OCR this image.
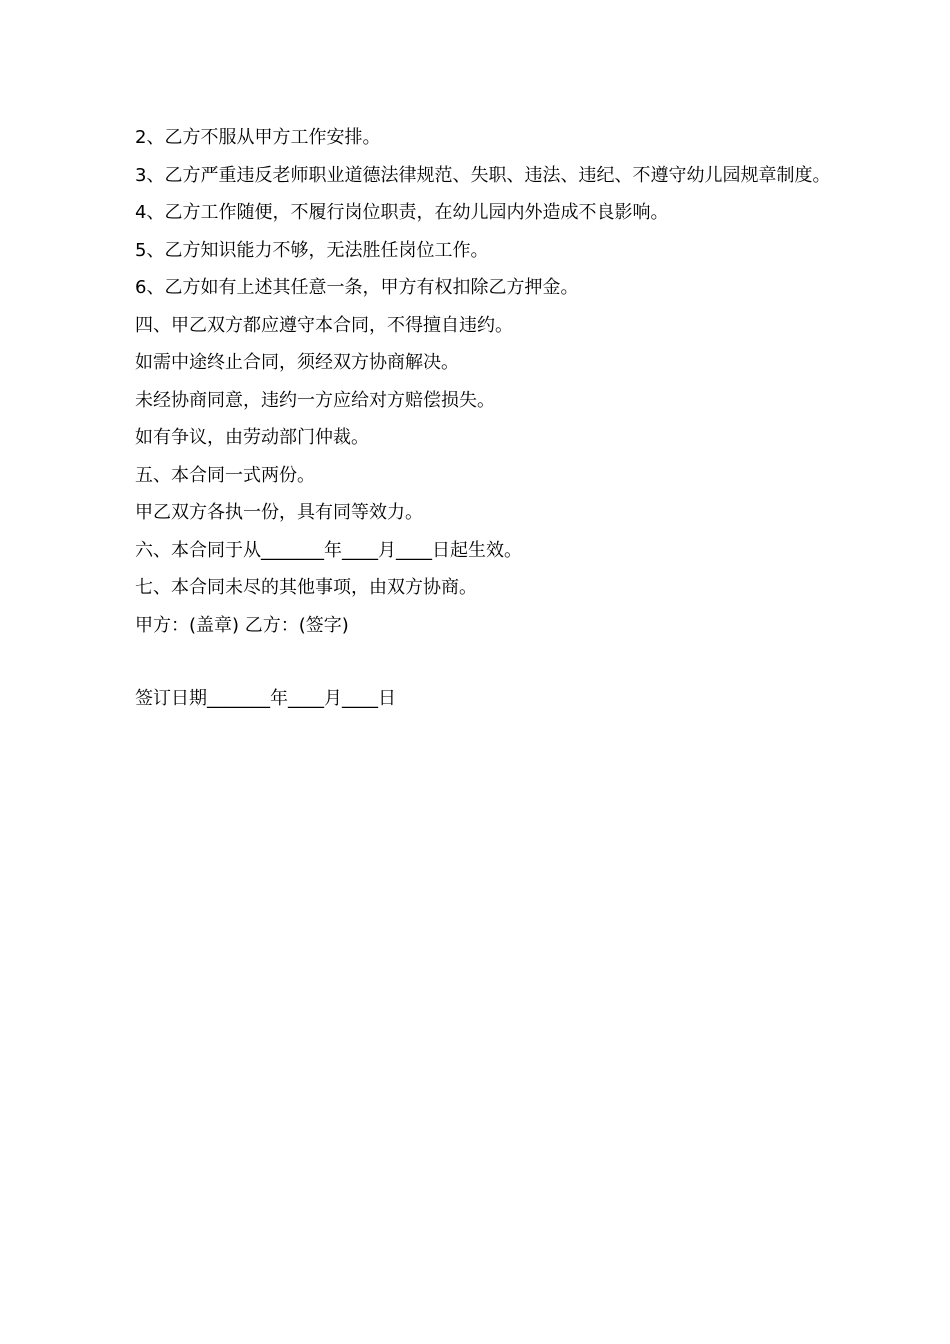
2、乙方不服从甲方工作安排。

3、乙方严重违反老师职业道德法律规范、失职、违法、违纪、不遵守幼儿园规章制度。

4、乙方工作随便，不履行岗位职责，在幼儿园内外造成不良影响。

5、乙方知识能力不够，无法胜任岗位工作。

6、乙方如有上述其任意一条，甲方有权扣除乙方押金。

四、甲乙双方都应遵守本合同，不得擅自违约。

如需中途终止合同，须经双方协商解决。

未经协商同意，违约一方应给对方赔偿损失。

如有争议，由劳动部门仲裁。

五、本合同一式两份。

甲乙双方各执一份，具有同等效力。

六、本合同于从_______年____月____日起生效。

七、本合同未尽的其他事项，由双方协商。

甲方：(盖章) 乙方：(签字)

签订日期_______年____月____日
